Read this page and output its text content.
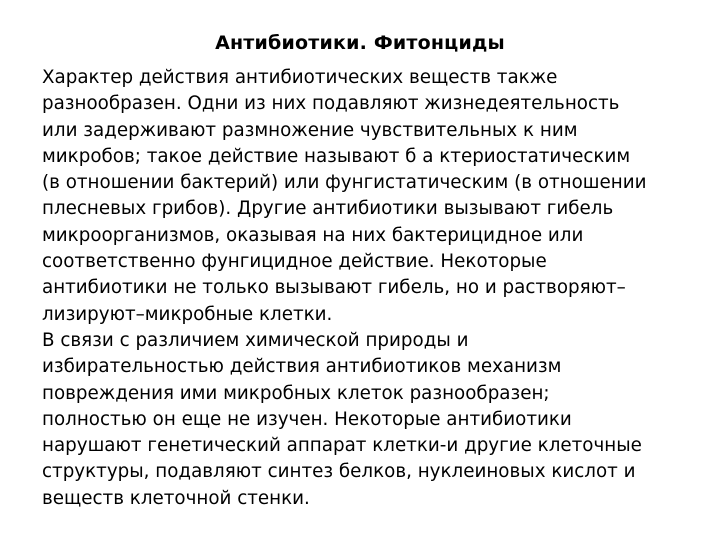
Антибиотики. Фитонциды
Характер действия антибиотических веществ также
разнообразен. Одни из них подавляют жизнедеятельность
или задерживают размножение чувствительных к ним
микробов; такое действие называют б а ктериостатическим
(в отношении бактерий) или фунгистатическим (в отношении
плесневых грибов). Другие антибиотики вызывают гибель
микроорганизмов, оказывая на них бактерицидное или
соответственно фунгицидное действие. Некоторые
антибиотики не только вызывают гибель, но и растворяют–
лизируют–микробные клетки.
В связи с различием химической природы и
избирательностью действия антибиотиков механизм
повреждения ими микробных клеток разнообразен;
полностью он еще не изучен. Некоторые антибиотики
нарушают генетический аппарат клетки-и другие клеточные
структуры, подавляют синтез белков, нуклеиновых кислот и
веществ клеточной стенки.
